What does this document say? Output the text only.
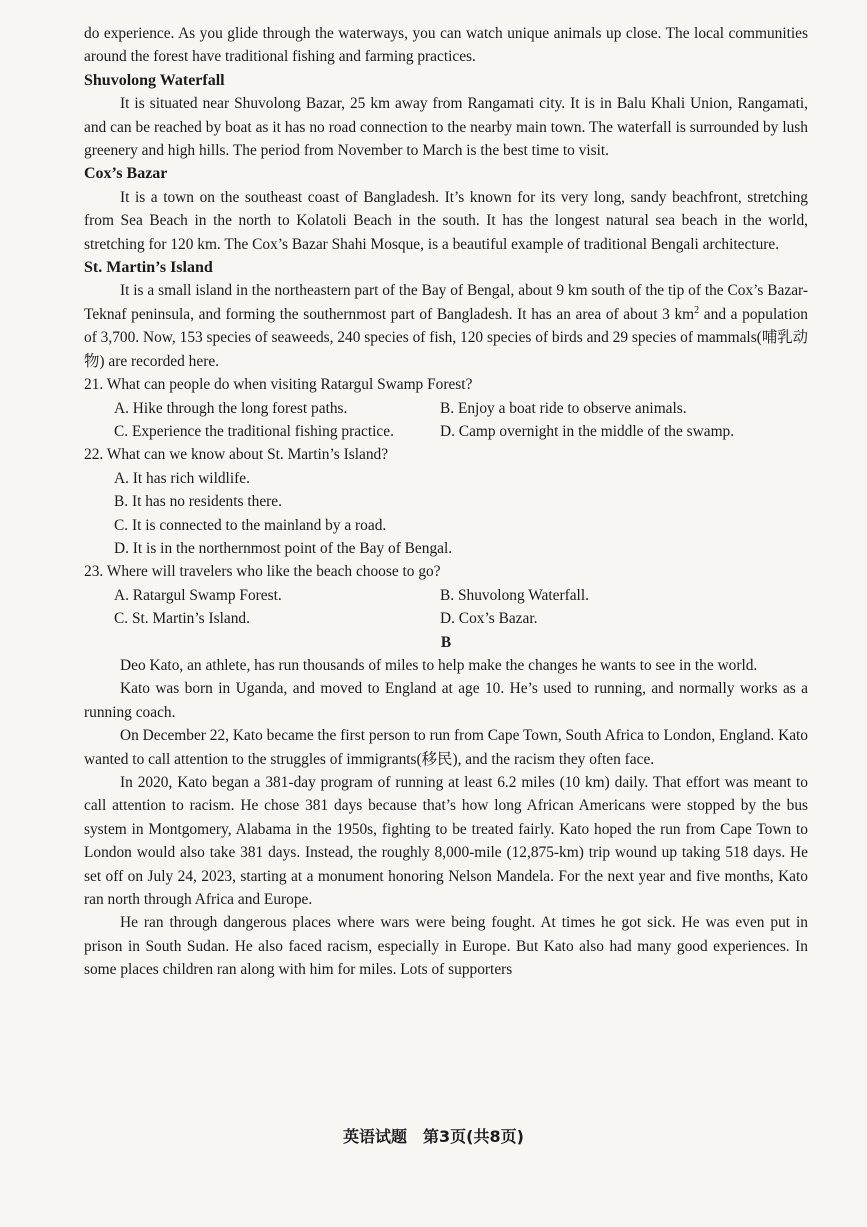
do experience. As you glide through the waterways, you can watch unique animals up close. The local communities around the forest have traditional fishing and farming practices.

Shuvolong Waterfall

It is situated near Shuvolong Bazar, 25 km away from Rangamati city. It is in Balu Khali Union, Rangamati, and can be reached by boat as it has no road connection to the nearby main town. The waterfall is surrounded by lush greenery and high hills. The period from November to March is the best time to visit.

Cox’s Bazar

It is a town on the southeast coast of Bangladesh. It’s known for its very long, sandy beachfront, stretching from Sea Beach in the north to Kolatoli Beach in the south. It has the longest natural sea beach in the world, stretching for 120 km. The Cox’s Bazar Shahi Mosque, is a beautiful example of traditional Bengali architecture.

St. Martin’s Island

It is a small island in the northeastern part of the Bay of Bengal, about 9 km south of the tip of the Cox’s Bazar-Teknaf peninsula, and forming the southernmost part of Bangladesh. It has an area of about 3 $km^2$ and a population of 3,700. Now, 153 species of seaweeds, 240 species of fish, 120 species of birds and 29 species of mammals(哺乳动物) are recorded here.

21. What can people do when visiting Ratargul Swamp Forest?

A. Hike through the long forest paths.	B. Enjoy a boat ride to observe animals.
C. Experience the traditional fishing practice.	D. Camp overnight in the middle of the swamp.

22. What can we know about St. Martin’s Island?

A. It has rich wildlife.
B. It has no residents there.
C. It is connected to the mainland by a road.
D. It is in the northernmost point of the Bay of Bengal.

23. Where will travelers who like the beach choose to go?

A. Ratargul Swamp Forest.	B. Shuvolong Waterfall.
C. St. Martin’s Island.	D. Cox’s Bazar.

B

Deo Kato, an athlete, has run thousands of miles to help make the changes he wants to see in the world.

Kato was born in Uganda, and moved to England at age 10. He’s used to running, and normally works as a running coach.

On December 22, Kato became the first person to run from Cape Town, South Africa to London, England. Kato wanted to call attention to the struggles of immigrants(移民), and the racism they often face.

In 2020, Kato began a 381-day program of running at least 6.2 miles (10 km) daily. That effort was meant to call attention to racism. He chose 381 days because that’s how long African Americans were stopped by the bus system in Montgomery, Alabama in the 1950s, fighting to be treated fairly. Kato hoped the run from Cape Town to London would also take 381 days. Instead, the roughly 8,000-mile (12,875-km) trip wound up taking 518 days. He set off on July 24, 2023, starting at a monument honoring Nelson Mandela. For the next year and five months, Kato ran north through Africa and Europe.

He ran through dangerous places where wars were being fought. At times he got sick. He was even put in prison in South Sudan. He also faced racism, especially in Europe. But Kato also had many good experiences. In some places children ran along with him for miles. Lots of supporters

英语试题　第3页(共8页)
